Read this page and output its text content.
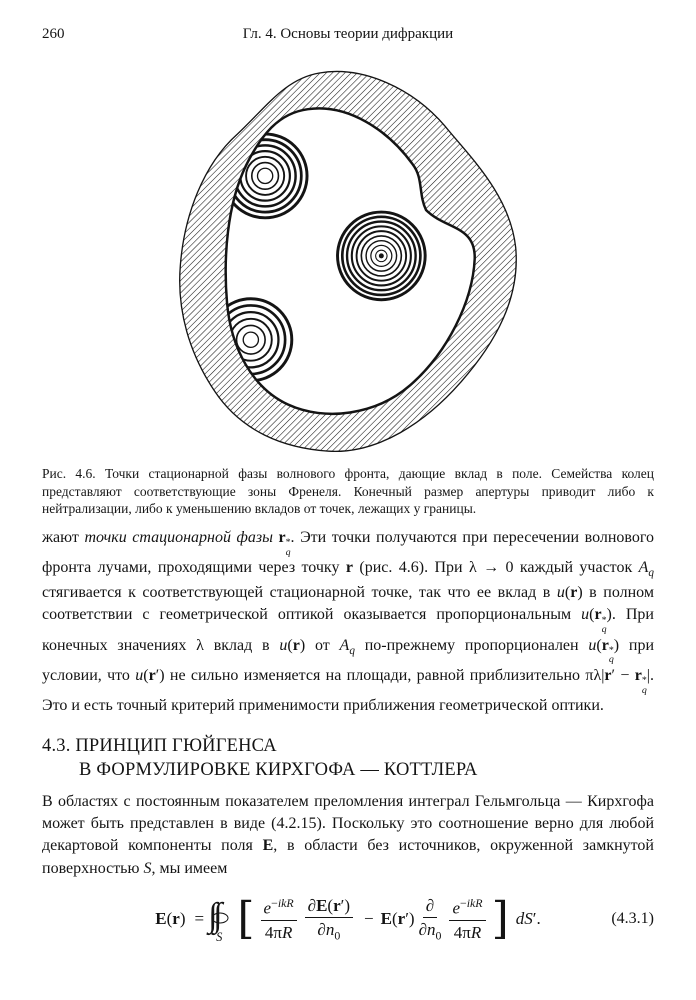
260	Гл. 4. Основы теории дифракции
Рис. 4.6. Точки стационарной фазы волнового фронта, дающие вклад в поле. Семейства колец представляют соответствующие зоны Френеля. Конечный размер апертуры приводит либо к нейтрализации, либо к уменьшению вкладов от точек, лежащих у границы.
жают точки стационарной фазы r *
q
. Эти точки получаются при пересечении волнового фронта лучами, проходящими через точку r (рис. 4.6). При λ → 0 каждый участок $A_q$ стягивается к соответствующей стационарной точке, так что ее вклад в u(r) в полном соответствии с геометрической оптикой оказывается пропорциональным u(r *
q
). При конечных значениях λ вклад в u(r) от $A_q$ по-прежнему пропорционален u(r *
q
) при условии, что u(r′) не сильно изменяется на площади, равной приблизительно πλ|r′ − r *
q
|. Это и есть точный критерий применимости приближения геометрической оптики.
4.3. ПРИНЦИП ГЮЙГЕНСА
В ФОРМУЛИРОВКЕ КИРХГОФА — КОТТЛЕРА
В областях с постоянным показателем преломления интеграл Гельмгольца — Кирхгофа может быть представлен в виде (4.2.15). Поскольку это соотношение верно для любой декартовой компоненты поля E, в области без источников, окруженной замкнутой поверхностью S, мы имеем
E(r) =
S [ $\frac{e^{-ikR}}{4\pi R} \frac{\partial E(r')}{\partial n_0} - E(r') \frac{\partial}{\partial n_0} \frac{e^{-ikR}}{4\pi R}$ ] dS′.	(4.3.1)
